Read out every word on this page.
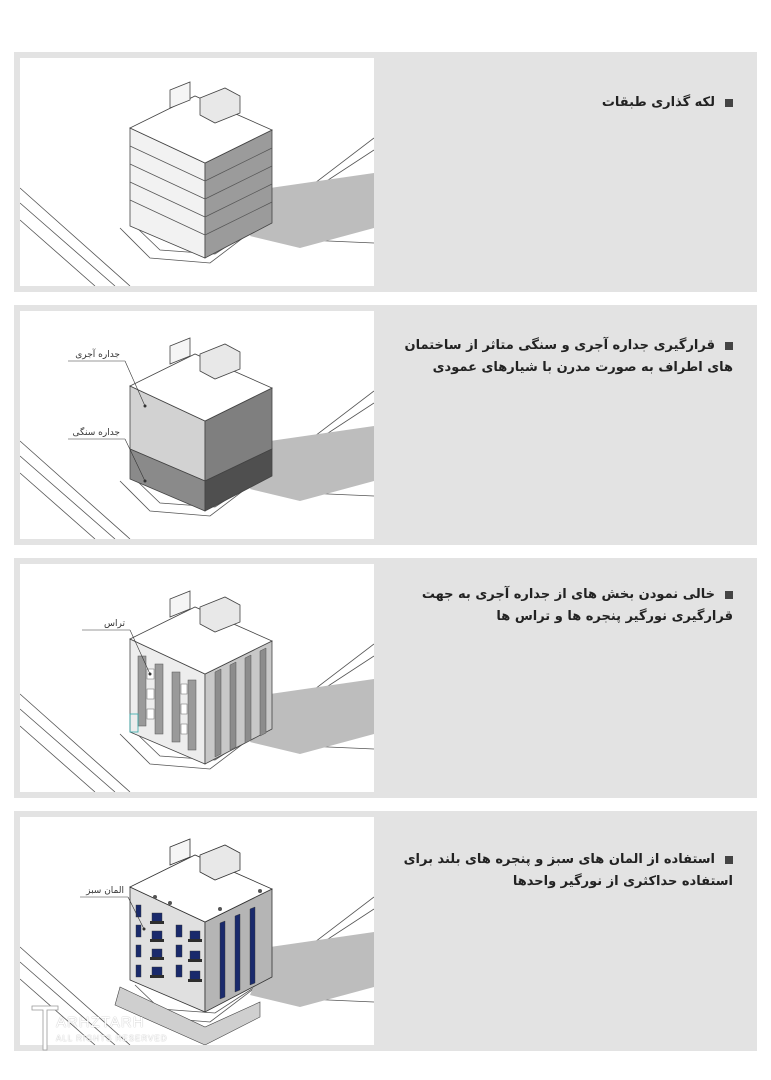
لکه گذاری طبقات
جداره آجری
جداره سنگی
قرارگیری جداره آجری و سنگی متاثر از ساختمان های اطراف به صورت مدرن با شیارهای عمودی
تراس
خالی نمودن بخش های از جداره آجری به جهت قرارگیری نورگیر پنجره ها و تراس ها
المان سبز
استفاده از المان های سبز و پنجره های بلند برای استفاده حداکثری از نورگیر واحدها
ARHZTARH
ALL RIGHTS RESERVED
